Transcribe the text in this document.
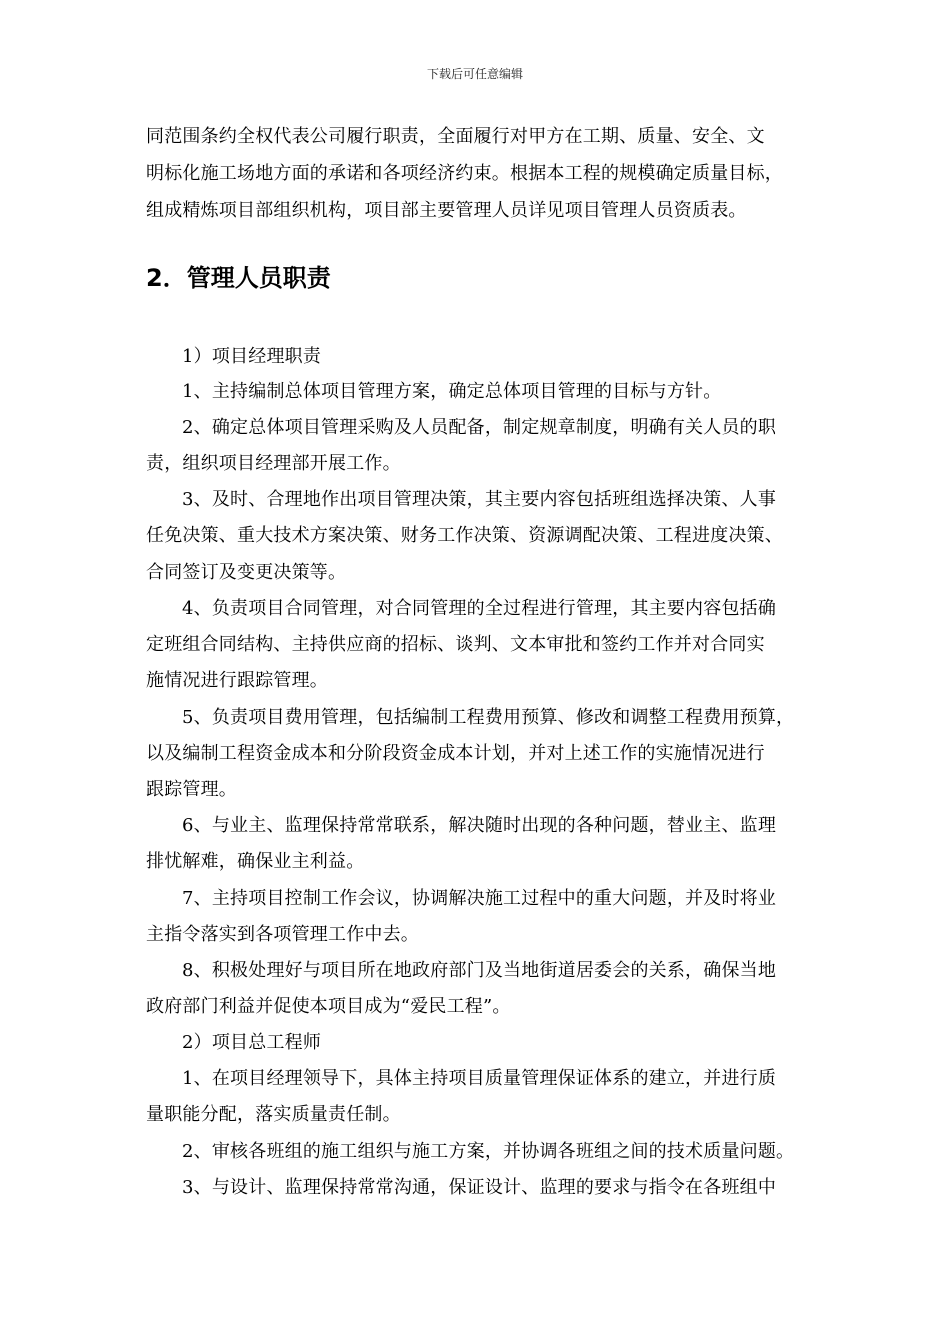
下载后可任意编辑
同范围条约全权代表公司履行职责，全面履行对甲方在工期、质量、安全、文
明标化施工场地方面的承诺和各项经济约束。根据本工程的规模确定质量目标，
组成精炼项目部组织机构，项目部主要管理人员详见项目管理人员资质表。
2．管理人员职责
1）项目经理职责
1、主持编制总体项目管理方案，确定总体项目管理的目标与方针。
2、确定总体项目管理采购及人员配备，制定规章制度，明确有关人员的职
责，组织项目经理部开展工作。
3、及时、合理地作出项目管理决策，其主要内容包括班组选择决策、人事
任免决策、重大技术方案决策、财务工作决策、资源调配决策、工程进度决策、
合同签订及变更决策等。
4、负责项目合同管理，对合同管理的全过程进行管理，其主要内容包括确
定班组合同结构、主持供应商的招标、谈判、文本审批和签约工作并对合同实
施情况进行跟踪管理。
5、负责项目费用管理，包括编制工程费用预算、修改和调整工程费用预算，
以及编制工程资金成本和分阶段资金成本计划，并对上述工作的实施情况进行
跟踪管理。
6、与业主、监理保持常常联系，解决随时出现的各种问题，替业主、监理
排忧解难，确保业主利益。
7、主持项目控制工作会议，协调解决施工过程中的重大问题，并及时将业
主指令落实到各项管理工作中去。
8、积极处理好与项目所在地政府部门及当地街道居委会的关系，确保当地
政府部门利益并促使本项目成为“爱民工程”。
2）项目总工程师
1、在项目经理领导下，具体主持项目质量管理保证体系的建立，并进行质
量职能分配，落实质量责任制。
2、审核各班组的施工组织与施工方案，并协调各班组之间的技术质量问题。
3、与设计、监理保持常常沟通，保证设计、监理的要求与指令在各班组中
